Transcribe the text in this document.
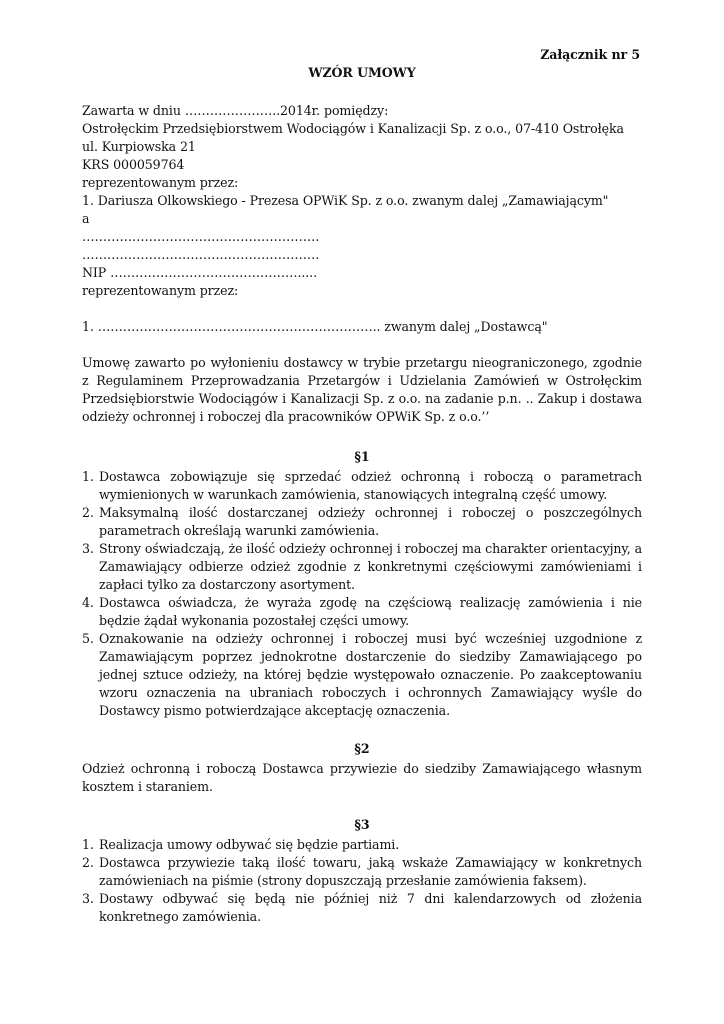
Załącznik nr 5
WZÓR UMOWY
Zawarta w dniu …………………..2014r. pomiędzy:
Ostrołęckim Przedsiębiorstwem Wodociągów i Kanalizacji Sp. z o.o., 07-410 Ostrołęka
ul. Kurpiowska 21
KRS 000059764
reprezentowanym przez:
1. Dariusza Olkowskiego - Prezesa OPWiK Sp. z o.o. zwanym dalej „Zamawiającym"
a
…………………………………………………
…………………………………………………
NIP ……………………………………….....
reprezentowanym przez:
1. ………………………………………………………….. zwanym dalej „Dostawcą"

Umowę zawarto po wyłonieniu dostawcy w trybie przetargu nieograniczonego, zgodnie z Regulaminem Przeprowadzania Przetargów i Udzielania Zamówień w Ostrołęckim Przedsiębiorstwie Wodociągów i Kanalizacji Sp. z o.o. na zadanie p.n. .. Zakup i dostawa odzieży ochronnej i roboczej dla pracowników OPWiK Sp. z o.o.’’

§1
1. Dostawca zobowiązuje się sprzedać odzież ochronną i roboczą o parametrach wymienionych w warunkach zamówienia, stanowiących integralną część umowy.
2. Maksymalną ilość dostarczanej odzieży ochronnej i roboczej o poszczególnych parametrach określają warunki zamówienia.
3. Strony oświadczają, że ilość odzieży ochronnej i roboczej ma charakter orientacyjny, a Zamawiający odbierze odzież zgodnie z konkretnymi częściowymi zamówieniami i zapłaci tylko za dostarczony asortyment.
4. Dostawca oświadcza, że wyraża zgodę na częściową realizację zamówienia i nie będzie żądał wykonania pozostałej części umowy.
5. Oznakowanie na odzieży ochronnej i roboczej musi być wcześniej uzgodnione z Zamawiającym poprzez jednokrotne dostarczenie do siedziby Zamawiającego po jednej sztuce odzieży, na której będzie występowało oznaczenie. Po zaakceptowaniu wzoru oznaczenia na ubraniach roboczych i ochronnych Zamawiający wyśle do Dostawcy pismo potwierdzające akceptację oznaczenia.
§2

Odzież ochronną i roboczą Dostawca przywiezie do siedziby Zamawiającego własnym kosztem i staraniem.

§3
1. Realizacja umowy odbywać się będzie partiami.
2. Dostawca przywiezie taką ilość towaru, jaką wskaże Zamawiający w konkretnych zamówieniach na piśmie (strony dopuszczają przesłanie zamówienia faksem).
3. Dostawy odbywać się będą nie później niż 7 dni kalendarzowych od złożenia konkretnego zamówienia.
